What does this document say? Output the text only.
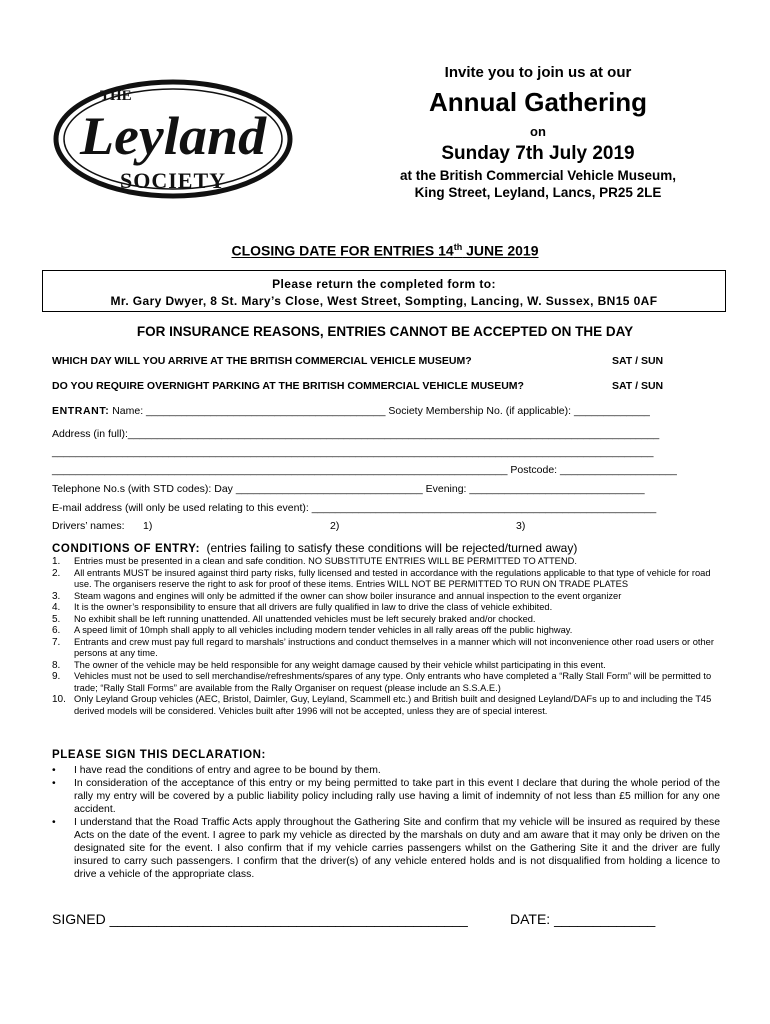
THE
Leyland
SOCIETY
Invite you to join us at our
Annual Gathering
on
Sunday 7th July 2019
at the British Commercial Vehicle Museum,
King Street, Leyland, Lancs, PR25 2LE
CLOSING DATE FOR ENTRIES 14th JUNE 2019
Please return the completed form to:
Mr. Gary Dwyer, 8 St. Mary’s Close, West Street, Sompting, Lancing, W. Sussex, BN15 0AF
FOR INSURANCE REASONS, ENTRIES CANNOT BE ACCEPTED ON THE DAY
WHICH DAY WILL YOU ARRIVE AT THE BRITISH COMMERCIAL VEHICLE MUSEUM?	SAT / SUN
DO YOU REQUIRE OVERNIGHT PARKING AT THE BRITISH COMMERCIAL VEHICLE MUSEUM?	SAT / SUN
ENTRANT: Name: _________________________________________ Society Membership No. (if applicable): _____________
Address (in full):___________________________________________________________________________________________
_______________________________________________________________________________________________________
______________________________________________________________________________ Postcode: ____________________
Telephone No.s (with STD codes): Day ________________________________ Evening: ______________________________
E-mail address (will only be used relating to this event): ___________________________________________________________
Drivers’ names: 1)	2)	3)
CONDITIONS OF ENTRY: (entries failing to satisfy these conditions will be rejected/turned away)
1. Entries must be presented in a clean and safe condition. NO SUBSTITUTE ENTRIES WILL BE PERMITTED TO ATTEND.
2. All entrants MUST be insured against third party risks, fully licensed and tested in accordance with the regulations applicable to that type of vehicle for road use. The organisers reserve the right to ask for proof of these items. Entries WILL NOT BE PERMITTED TO RUN ON TRADE PLATES
3. Steam wagons and engines will only be admitted if the owner can show boiler insurance and annual inspection to the event organizer
4. It is the owner’s responsibility to ensure that all drivers are fully qualified in law to drive the class of vehicle exhibited.
5. No exhibit shall be left running unattended. All unattended vehicles must be left securely braked and/or chocked.
6. A speed limit of 10mph shall apply to all vehicles including modern tender vehicles in all rally areas off the public highway.
7. Entrants and crew must pay full regard to marshals’ instructions and conduct themselves in a manner which will not inconvenience other road users or other persons at any time.
8. The owner of the vehicle may be held responsible for any weight damage caused by their vehicle whilst participating in this event.
9. Vehicles must not be used to sell merchandise/refreshments/spares of any type. Only entrants who have completed a “Rally Stall Form” will be permitted to trade; “Rally Stall Forms” are available from the Rally Organiser on request (please include an S.S.A.E.)
10. Only Leyland Group vehicles (AEC, Bristol, Daimler, Guy, Leyland, Scammell etc.) and British built and designed Leyland/DAFs up to and including the T45 derived models will be considered. Vehicles built after 1996 will not be accepted, unless they are of special interest.
PLEASE SIGN THIS DECLARATION:
• I have read the conditions of entry and agree to be bound by them.
• In consideration of the acceptance of this entry or my being permitted to take part in this event I declare that during the whole period of the rally my entry will be covered by a public liability policy including rally use having a limit of indemnity of not less than £5 million for any one accident.
• I understand that the Road Traffic Acts apply throughout the Gathering Site and confirm that my vehicle will be insured as required by these Acts on the date of the event. I agree to park my vehicle as directed by the marshals on duty and am aware that it may only be driven on the designated site for the event. I also confirm that if my vehicle carries passengers whilst on the Gathering Site it and the driver are fully insured to carry such passengers. I confirm that the driver(s) of any vehicle entered holds and is not disqualified from holding a licence to drive a vehicle of the appropriate class.
SIGNED ______________________________________________	DATE: _____________
